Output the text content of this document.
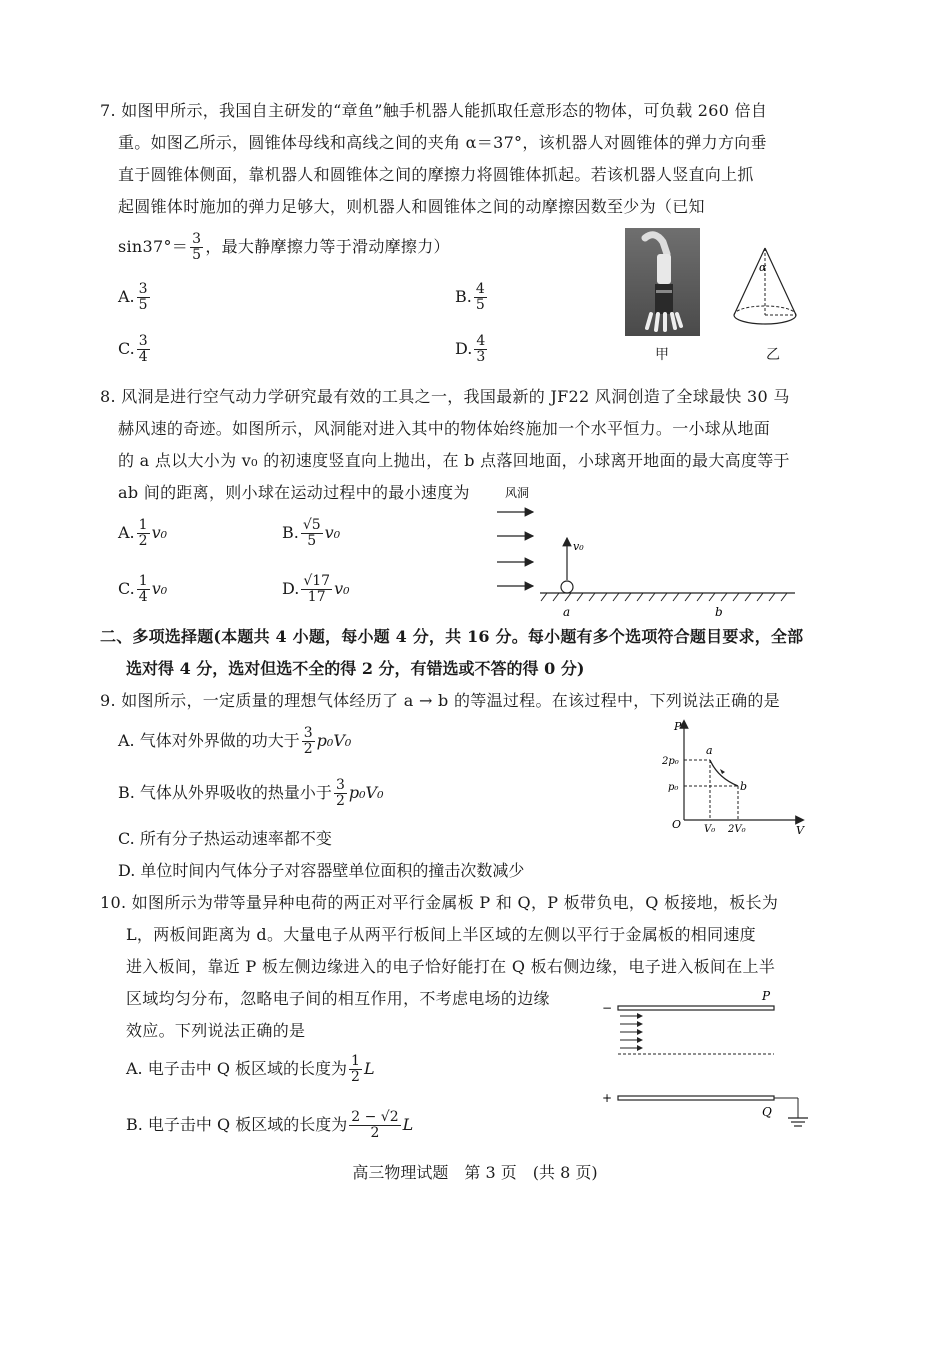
7. 如图甲所示，我国自主研发的“章鱼”触手机器人能抓取任意形态的物体，可负载 260 倍自
重。如图乙所示，圆锥体母线和高线之间的夹角 α＝37°，该机器人对圆锥体的弹力方向垂
直于圆锥体侧面，靠机器人和圆锥体之间的摩擦力将圆锥体抓起。若该机器人竖直向上抓
起圆锥体时施加的弹力足够大，则机器人和圆锥体之间的动摩擦因数至少为（已知
$\sin 37^\circ= \frac{3}{5}$ ，最大静摩擦力等于滑动摩擦力）
A. $\frac{3}{5}$	B. $\frac{4}{5}$
C. $\frac{3}{4}$	D. $\frac{4}{3}$	甲
α
乙
8. 风洞是进行空气动力学研究最有效的工具之一，我国最新的 JF22 风洞创造了全球最快 30 马
赫风速的奇迹。如图所示，风洞能对进入其中的物体始终施加一个水平恒力。一小球从地面
的 a 点以大小为 v₀ 的初速度竖直向上抛出，在 b 点落回地面，小球离开地面的最大高度等于
ab 间的距离，则小球在运动过程中的最小速度为
A. $\frac{1}{2} v_0$	B. $\frac{√5}{5} v_0$
C. $\frac{1}{4} v_0$	D. $\frac{√17}{17} v_0$
风洞
v₀
a	b
二、多项选择题(本题共 4 小题，每小题 4 分，共 16 分。每小题有多个选项符合题目要求，全部
选对得 4 分，选对但选不全的得 2 分，有错选或不答的得 0 分)
9. 如图所示，一定质量的理想气体经历了 a → b 的等温过程。在该过程中，下列说法正确的是
A. 气体对外界做的功大于 $\frac{3}{2} p_0V_0$
B. 气体从外界吸收的热量小于 $\frac{3}{2} p_0V_0$
C. 所有分子热运动速率都不变
D. 单位时间内气体分子对容器壁单位面积的撞击次数减少
P
V
O
2p₀
p₀
V₀ 2V₀
a
b
10. 如图所示为带等量异种电荷的两正对平行金属板 P 和 Q，P 板带负电，Q 板接地，板长为
L，两板间距离为 d。大量电子从两平行板间上半区域的左侧以平行于金属板的相同速度
进入板间，靠近 P 板左侧边缘进入的电子恰好能打在 Q 板右侧边缘，电子进入板间在上半
区域均匀分布，忽略电子间的相互作用，不考虑电场的边缘
效应。下列说法正确的是
A. 电子击中 Q 板区域的长度为 $\frac{1}{2}$ L
B. 电子击中 Q 板区域的长度为 $\frac{2 - √2}{2}$ L
−
P
+
Q
高三物理试题　第 3 页　(共 8 页)
